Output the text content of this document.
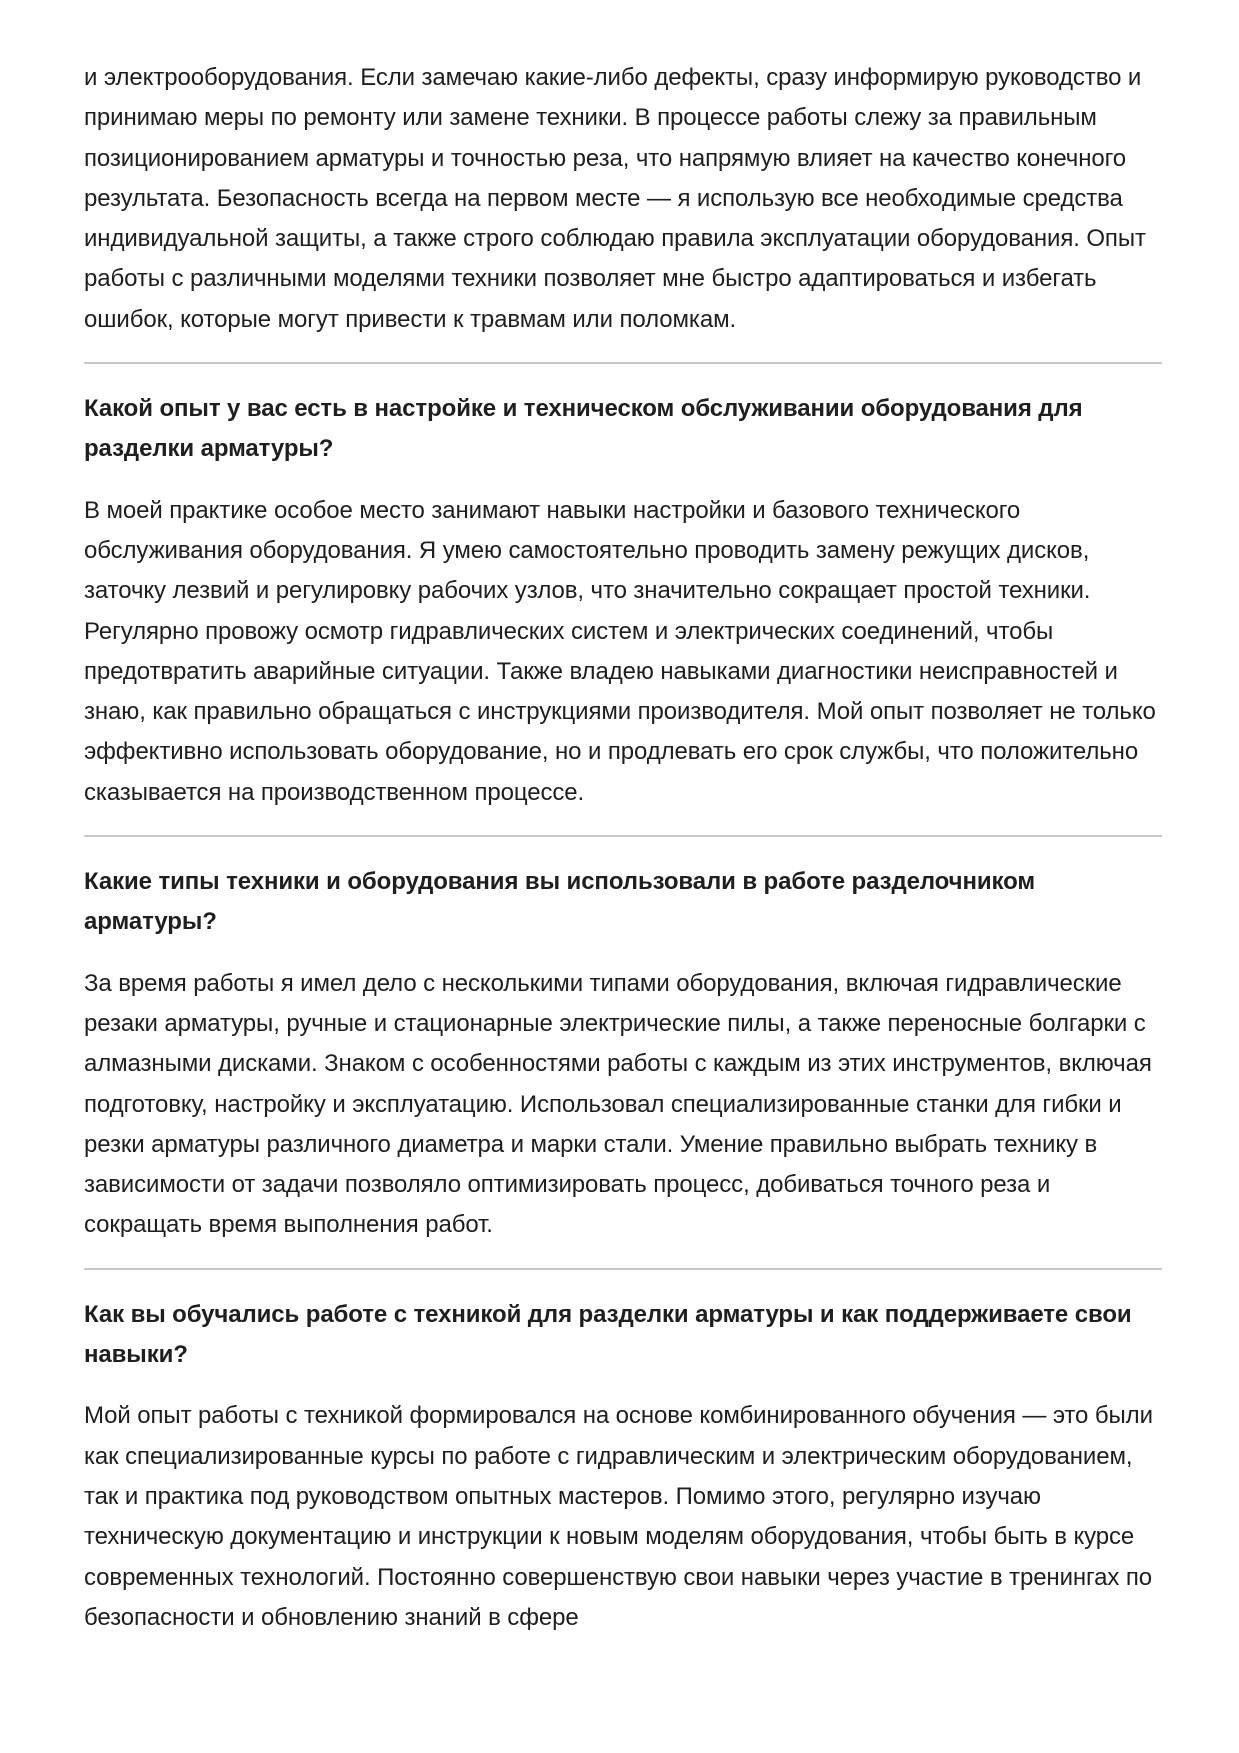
и электрооборудования. Если замечаю какие-либо дефекты, сразу информирую руководство и принимаю меры по ремонту или замене техники. В процессе работы слежу за правильным позиционированием арматуры и точностью реза, что напрямую влияет на качество конечного результата. Безопасность всегда на первом месте — я использую все необходимые средства индивидуальной защиты, а также строго соблюдаю правила эксплуатации оборудования. Опыт работы с различными моделями техники позволяет мне быстро адаптироваться и избегать ошибок, которые могут привести к травмам или поломкам.

Какой опыт у вас есть в настройке и техническом обслуживании оборудования для разделки арматуры?

В моей практике особое место занимают навыки настройки и базового технического обслуживания оборудования. Я умею самостоятельно проводить замену режущих дисков, заточку лезвий и регулировку рабочих узлов, что значительно сокращает простой техники. Регулярно провожу осмотр гидравлических систем и электрических соединений, чтобы предотвратить аварийные ситуации. Также владею навыками диагностики неисправностей и знаю, как правильно обращаться с инструкциями производителя. Мой опыт позволяет не только эффективно использовать оборудование, но и продлевать его срок службы, что положительно сказывается на производственном процессе.

Какие типы техники и оборудования вы использовали в работе разделочником арматуры?

За время работы я имел дело с несколькими типами оборудования, включая гидравлические резаки арматуры, ручные и стационарные электрические пилы, а также переносные болгарки с алмазными дисками. Знаком с особенностями работы с каждым из этих инструментов, включая подготовку, настройку и эксплуатацию. Использовал специализированные станки для гибки и резки арматуры различного диаметра и марки стали. Умение правильно выбрать технику в зависимости от задачи позволяло оптимизировать процесс, добиваться точного реза и сокращать время выполнения работ.

Как вы обучались работе с техникой для разделки арматуры и как поддерживаете свои навыки?

Мой опыт работы с техникой формировался на основе комбинированного обучения — это были как специализированные курсы по работе с гидравлическим и электрическим оборудованием, так и практика под руководством опытных мастеров. Помимо этого, регулярно изучаю техническую документацию и инструкции к новым моделям оборудования, чтобы быть в курсе современных технологий. Постоянно совершенствую свои навыки через участие в тренингах по безопасности и обновлению знаний в сфере
